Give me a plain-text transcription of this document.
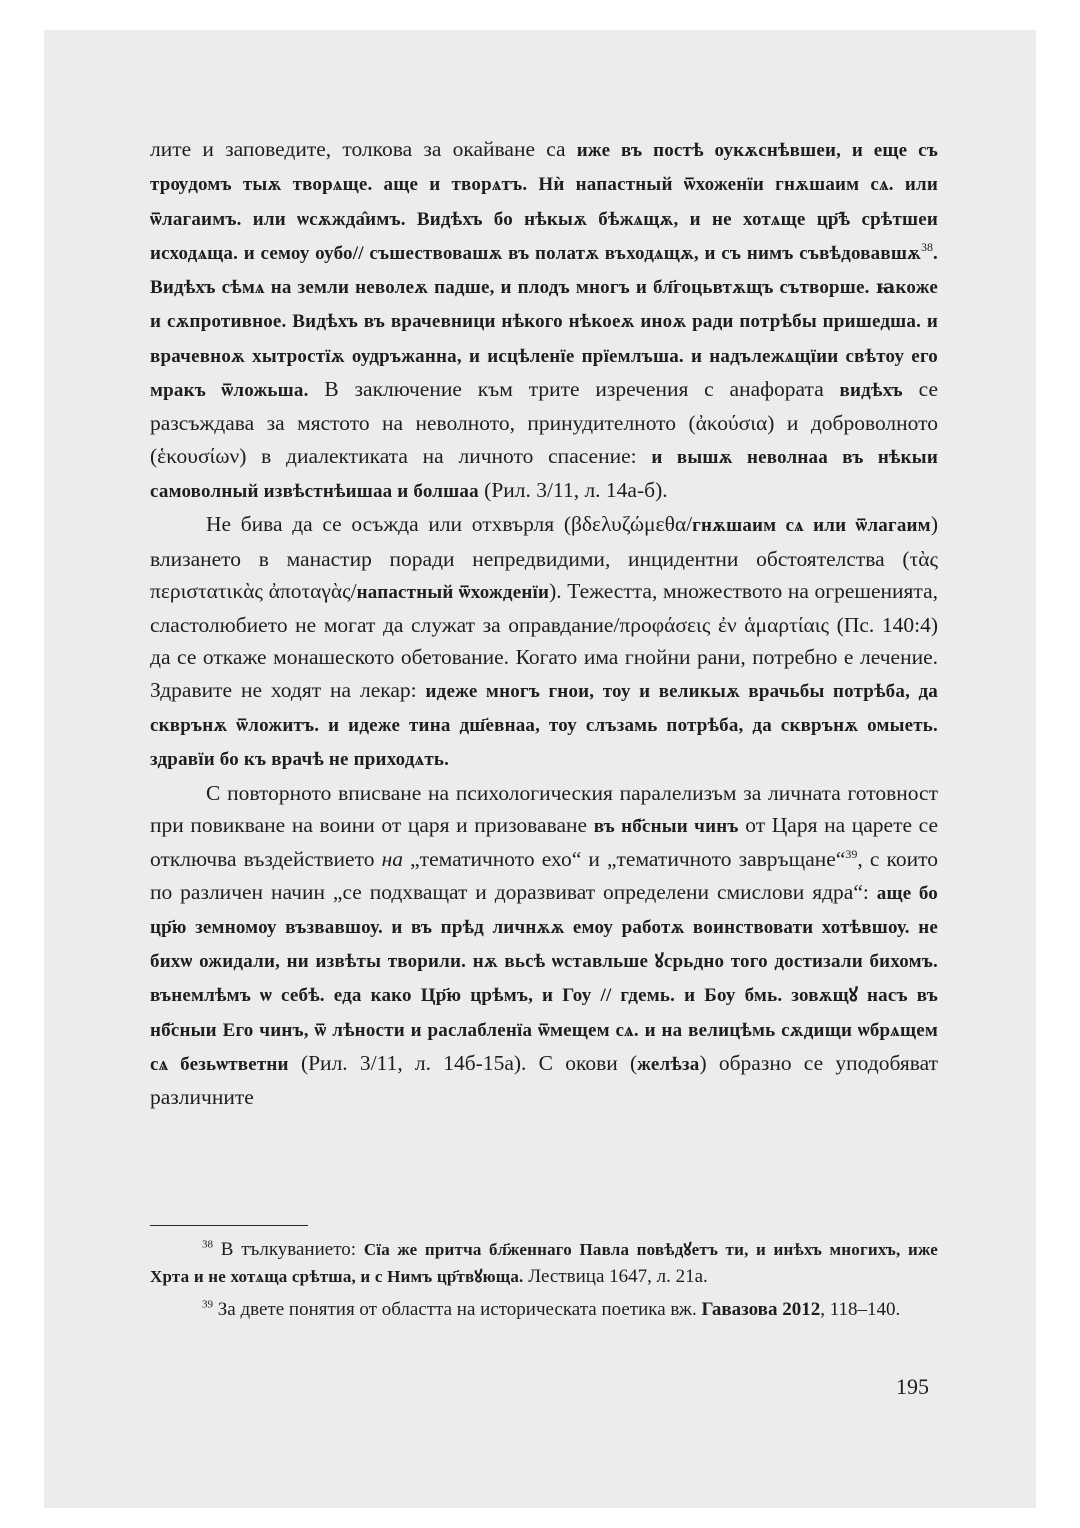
лите и заповедите, толкова за окайване са иже въ постѣ оукѫснѣвшеи, и еще съ трѹдомъ тыѫ творѧще. аще и творѧтъ. Нѝ напастный ѿхоженїи гнѫшаим сѧ. или ѿлагаимъ. или ѡсѫжда̂имъ. Видѣхъ бо нѣкыѫ бѣжѧщѫ, и не хотѧще цр҃ѣ срѣтшеи исходѧща. и семоу оубо// съшествовашѫ въ полатѫ въходѧщѫ, и съ нимъ съвѣдовавшѫ$^{38}$. Видѣхъ сѣмѧ на земли неволеѫ падше, и плодъ многъ и бл҃гоцьвтѫщъ сътворше. ꙗкоже и сѫпротивное. Видѣхъ въ врачевници нѣкого нѣкоеѫ иноѫ ради потрѣбы пришедша. и врачевноѫ хытростїѫ оудръжанна, и исцѣленїе прїемлъша. и надълежѧщїии свѣтоу его мракъ ѿложьша. В заключение към трите изречения с анафората видѣхъ се разсъждава за мястото на неволното, принудителното (ἀκούσια) и доброволното (ἑκουσίων) в диалектиката на личното спасение: и вышѫ неволнаа въ нѣкыи самоволный извѣстнѣишаа и болшаа (Рил. 3/11, л. 14а-б).

Не бива да се осъжда или отхвърля (βδελυζώμεθα/гнѫшаим сѧ или ѿлагаим) влизането в манастир поради непредвидими, инцидентни обстоятелства (τὰς περιστατικὰς ἀποταγὰς/напастный ѿхожденїи). Тежестта, множеството на огрешенията, сластолюбието не могат да служат за оправдание/προφάσεις ἐν ἁμαρτίαις (Пс. 140:4) да се откаже монашеското обетование. Когато има гнойни рани, потребно е лечение. Здравите не ходят на лекар: идеже многъ гнои, тоу и великыѫ врачьбы потрѣба, да скврънѫ ѿложитъ. и идеже тина дш҃евнаа, тоу слъзамь потрѣба, да скврънѫ омыеть. здравїи бо къ врачѣ не приходѧть.

С повторното вписване на психологическия паралелизъм за личната готовност при повикване на воини от царя и призоваване въ нб҃сныи чинъ от Царя на царете се отключва въздействието на „тематичното ехо“ и „тематичното завръщане“$^{39}$, с които по различен начин „се подхващат и доразвиват определени смислови ядра“: аще бо цр҃ю земномоу възвавшоу. и въ прѣд личнѫѫ емоу работѫ воинствовати хотѣвшоу. не бихѡ ожидали, ни извѣты творили. нѫ вьсѣ ѡставльше ꙋсрьдно того достизали бихомъ. вънемлѣмъ ѡ себѣ. еда како Цр҃ю црѣмъ, и Гоу // гдемь. и Боу бмь. зовѫщꙋ насъ въ нб҃сныи Его чинъ, ѿ лѣности и раслабленїа ѿмещем сѧ. и на велицѣмь сѫдищи ѡбрѧщем сѧ безьѡтветни (Рил. 3/11, л. 14б-15а). С окови (желѣза) образно се уподобяват различните

$^{38}$ В тълкуванието: Сїа же притча бл҃женнаго Павла повѣдꙋетъ ти, и инѣхъ многихъ, иже Хрта и не хотѧща срѣтша, и с Нимъ цр҃твꙋюща. Лествица 1647, л. 21а.

$^{39}$ За двете понятия от областта на историческата поетика вж. Гавазова 2012, 118–140.

195
